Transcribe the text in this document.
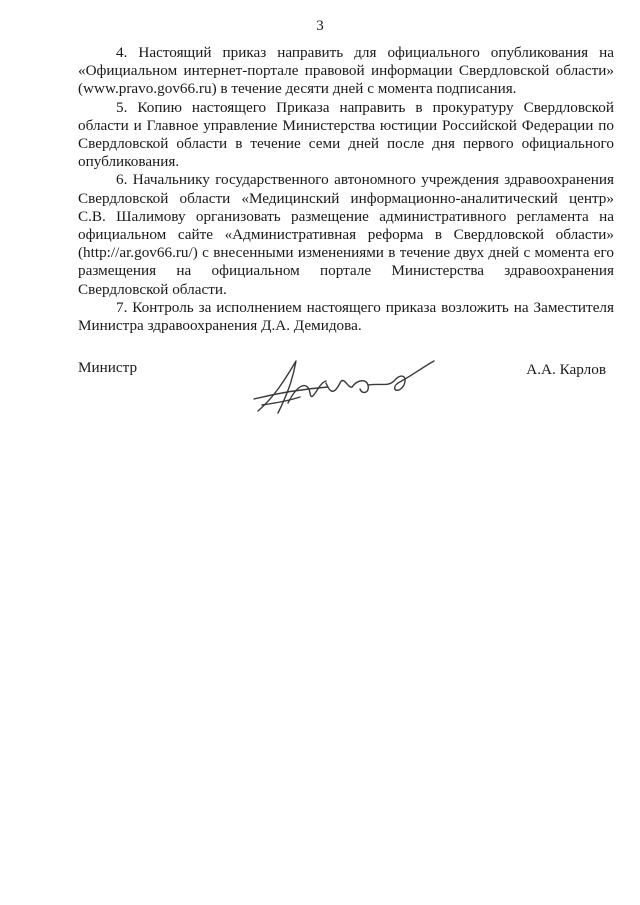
3

4. Настоящий приказ направить для официального опубликования на «Официальном интернет-портале правовой информации Свердловской области» (www.pravo.gov66.ru) в течение десяти дней с момента подписания.

5. Копию настоящего Приказа направить в прокуратуру Свердловской области и Главное управление Министерства юстиции Российской Федерации по Свердловской области в течение семи дней после дня первого официального опубликования.

6. Начальнику государственного автономного учреждения здравоохранения Свердловской области «Медицинский информационно-аналитический центр» С.В. Шалимову организовать размещение административного регламента на официальном сайте «Административная реформа в Свердловской области» (http://ar.gov66.ru/) с внесенными изменениями в течение двух дней с момента его размещения на официальном портале Министерства здравоохранения Свердловской области.

7. Контроль за исполнением настоящего приказа возложить на Заместителя Министра здравоохранения Д.А. Демидова.

Министр	А.А. Карлов
